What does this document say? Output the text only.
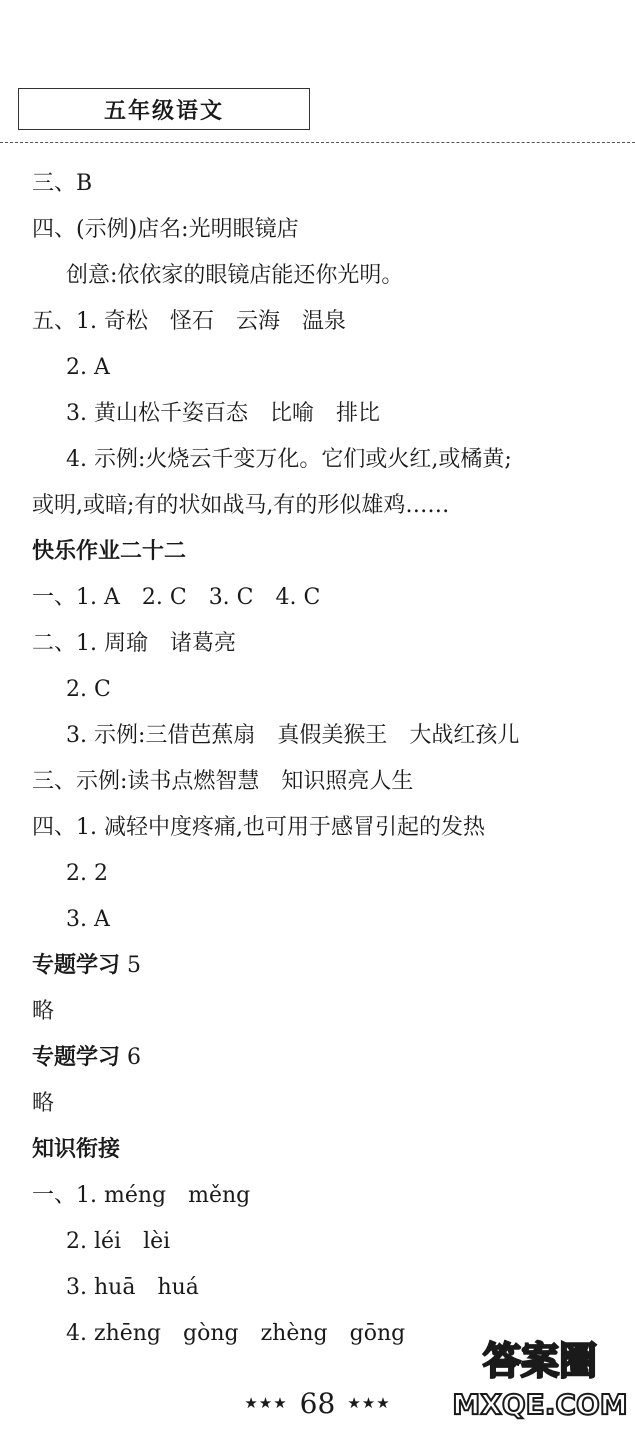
五年级语文
三、B
四、(示例)店名:光明眼镜店
创意:依依家的眼镜店能还你光明。
五、1. 奇松　怪石　云海　温泉
2. A
3. 黄山松千姿百态　比喻　排比
4. 示例:火烧云千变万化。它们或火红,或橘黄;
或明,或暗;有的状如战马,有的形似雄鸡……
快乐作业二十二
一、1. A　2. C　3. C　4. C
二、1. 周瑜　诸葛亮
2. C
3. 示例:三借芭蕉扇　真假美猴王　大战红孩儿
三、示例:读书点燃智慧　知识照亮人生
四、1. 减轻中度疼痛,也可用于感冒引起的发热
2. 2
3. A
专题学习 5
略
专题学习 6
略
知识衔接
一、1. méng　měng
2. léi　lèi
3. huā　huá
4. zhēng　gòng　zhèng　gōng
★★★ 68 ★★★
答案圈
MXQE.COM
